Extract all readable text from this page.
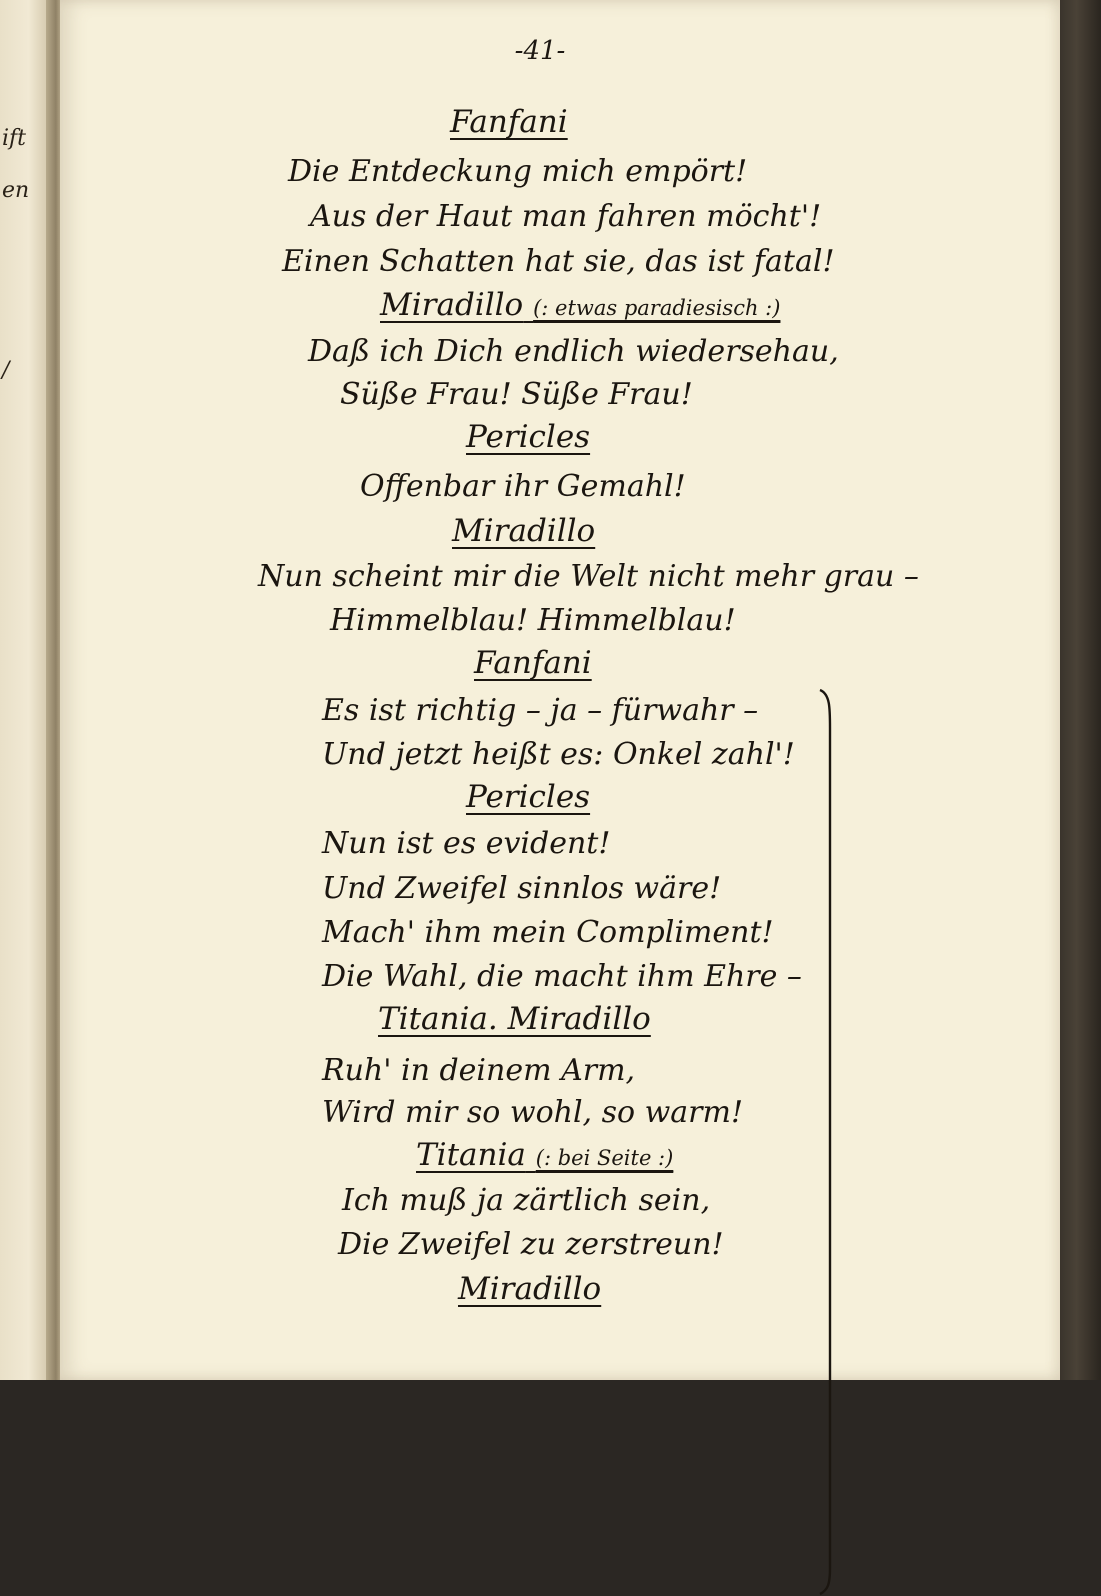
ift
en
/
-41-
Fanfani
Die Entdeckung mich empört!
Aus der Haut man fahren möcht'!
Einen Schatten hat sie, das ist fatal!
Miradillo (: etwas paradiesisch :)
Daß ich Dich endlich wiedersehau,
Süße Frau! Süße Frau!
Pericles
Offenbar ihr Gemahl!
Miradillo
Nun scheint mir die Welt nicht mehr grau –
Himmelblau! Himmelblau!
Fanfani
Es ist richtig – ja – fürwahr –
Und jetzt heißt es: Onkel zahl'!
Pericles
Nun ist es evident!
Und Zweifel sinnlos wäre!
Mach' ihm mein Compliment!
Die Wahl, die macht ihm Ehre –
Titania. Miradillo
Ruh' in deinem Arm,
Wird mir so wohl, so warm!
Titania (: bei Seite :)
Ich muß ja zärtlich sein,
Die Zweifel zu zerstreun!
Miradillo
